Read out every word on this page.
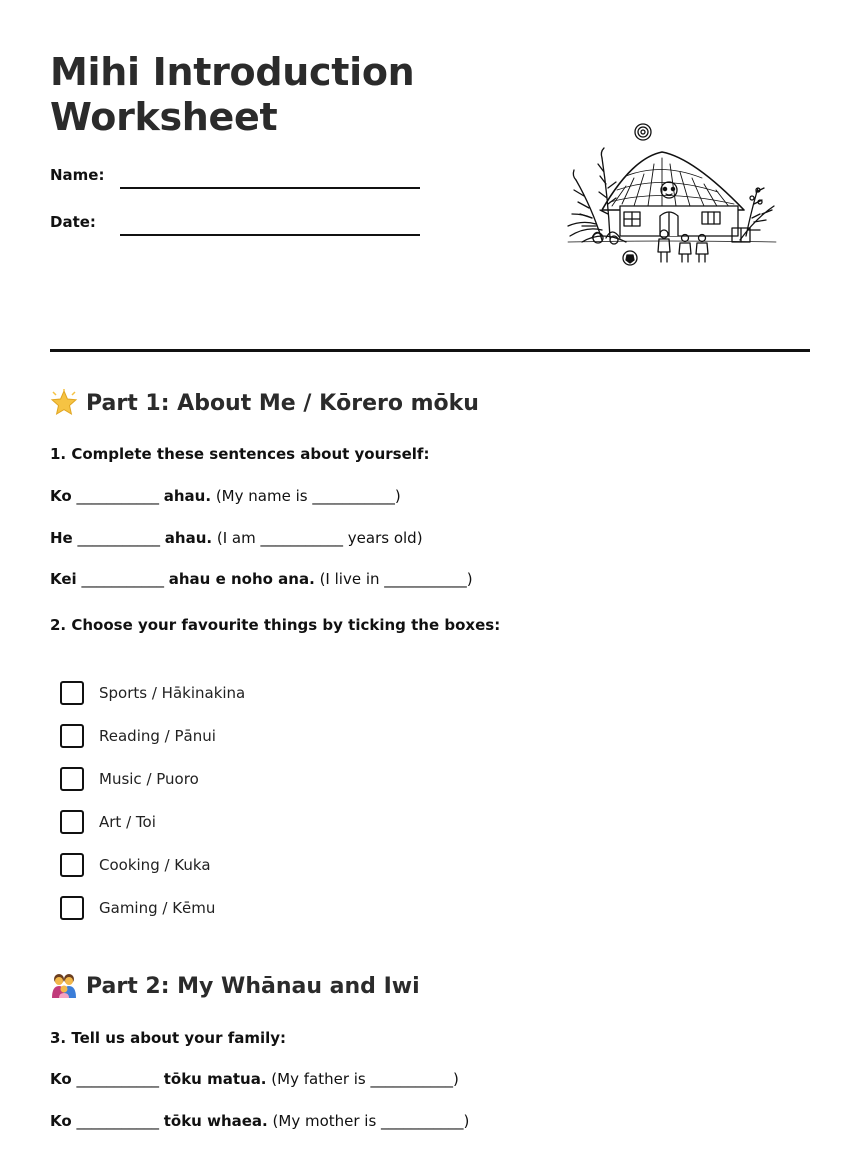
Mihi Introduction
Worksheet
Name:
Date:
Part 1: About Me / Kōrero mōku
1. Complete these sentences about yourself:
Ko ___________ ahau. (My name is ___________)
He ___________ ahau. (I am ___________ years old)
Kei ___________ ahau e noho ana. (I live in ___________)
2. Choose your favourite things by ticking the boxes:
Sports / Hākinakina
Reading / Pānui
Music / Puoro
Art / Toi
Cooking / Kuka
Gaming / Kēmu
Part 2: My Whānau and Iwi
3. Tell us about your family:
Ko ___________ tōku matua. (My father is ___________)
Ko ___________ tōku whaea. (My mother is ___________)
